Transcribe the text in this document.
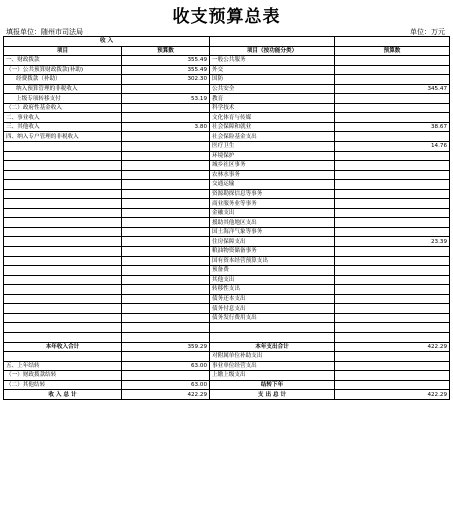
收支预算总表
填报单位：随州市司法局	单位：万元
收 入			
项目	预算数	项目（按功能分类）	预算数
一、财政拨款	355.49	一般公共服务	
（一）公共预算财政拨款(补助)	355.49	外交	
经费拨款（补助）	302.30	国防	
纳入预算管理的非税收入		公共安全	345.47
上级专项转移支付	53.19	教育	
（二）政府性基金收入		科学技术	
二、事业收入		文化体育与传媒	
三、其他收入	3.80	社会保障和就业	38.67
四、纳入专户管理的非税收入		社会保险基金支出	
		医疗卫生	14.76
		环境保护	
		城乡社区事务	
		农林水事务	
		交通运输	
		资源勘探信息等事务	
		商业服务业等事务	
		金融支出	
		援助其他地区支出	
		国土海洋气象等事务	
		住房保障支出	23.39
		粮油物资储备事务	
		国有资本经营预算支出	
		预备费	
		其他支出	
		转移性支出	
		债务还本支出	
		债务付息支出	
		债务发行费用支出	

本年收入合计	359.29	本年支出合计	422.29
		对附属单位补助支出	
五、上年结转	63.00	事业单位经营支出	
（一）财政拨款结转		上缴上级支出	
（二）其他结转	63.00	结转下年	
收 入 总 计	422.29	支 出 总 计	422.29
